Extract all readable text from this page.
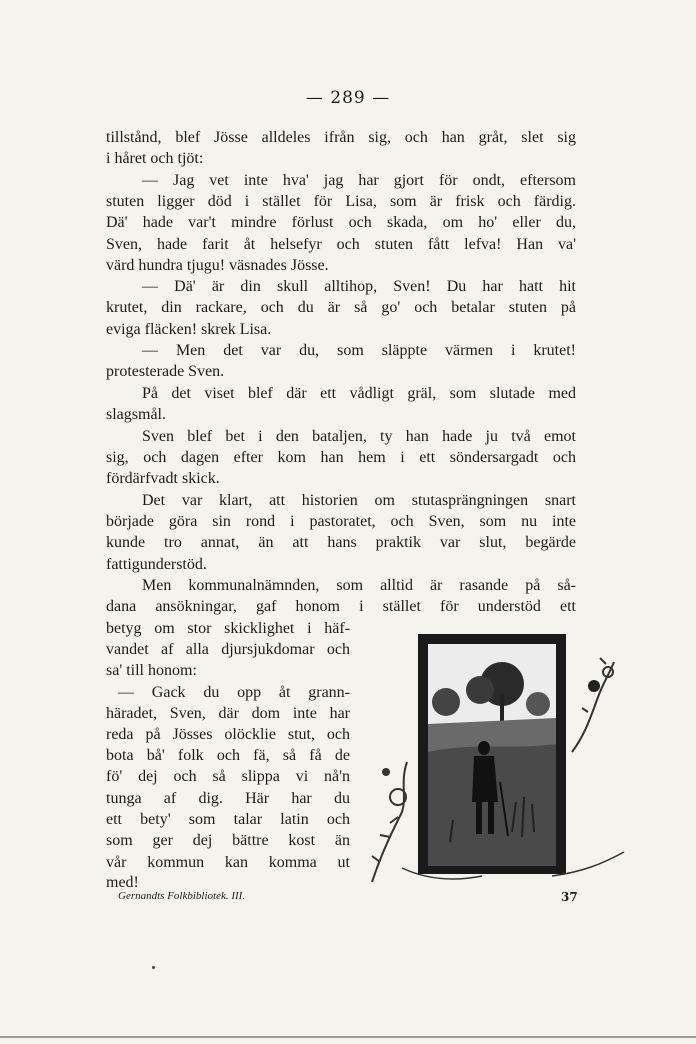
— 289 —
tillstånd, blef Jösse alldeles ifrån sig, och han gråt, slet sig
i håret och tjöt:
— Jag vet inte hva' jag har gjort för ondt, eftersom
stuten ligger död i stället för Lisa, som är frisk och färdig.
Dä' hade var't mindre förlust och skada, om ho' eller du,
Sven, hade farit åt helsefyr och stuten fått lefva! Han va'
värd hundra tjugu! väsnades Jösse.
— Dä' är din skull alltihop, Sven! Du har hatt hit
krutet, din rackare, och du är så go' och betalar stuten på
eviga fläcken! skrek Lisa.
— Men det var du, som släppte värmen i krutet!
protesterade Sven.
På det viset blef där ett vådligt gräl, som slutade med
slagsmål.
Sven blef bet i den bataljen, ty han hade ju två emot
sig, och dagen efter kom han hem i ett söndersargadt och
fördärfvadt skick.
Det var klart, att historien om stutasprängningen snart
började göra sin rond i pastoratet, och Sven, som nu inte
kunde tro annat, än att hans praktik var slut, begärde
fattigunderstöd.
Men kommunalnämnden, som alltid är rasande på så-
dana ansökningar, gaf honom i stället för understöd ett
betyg om stor skicklighet i häf-
vandet af alla djursjukdomar och
sa' till honom:
— Gack du opp åt grann-
häradet, Sven, där dom inte har
reda på Jösses olöcklie stut, och
bota bå' folk och fä, så få de
fö' dej och så slippa vi nå'n
tunga af dig. Här har du
ett bety' som talar latin och
som ger dej bättre kost än
vår kommun kan komma ut
med!
Gernandts Folkbibliotek. III.	37
